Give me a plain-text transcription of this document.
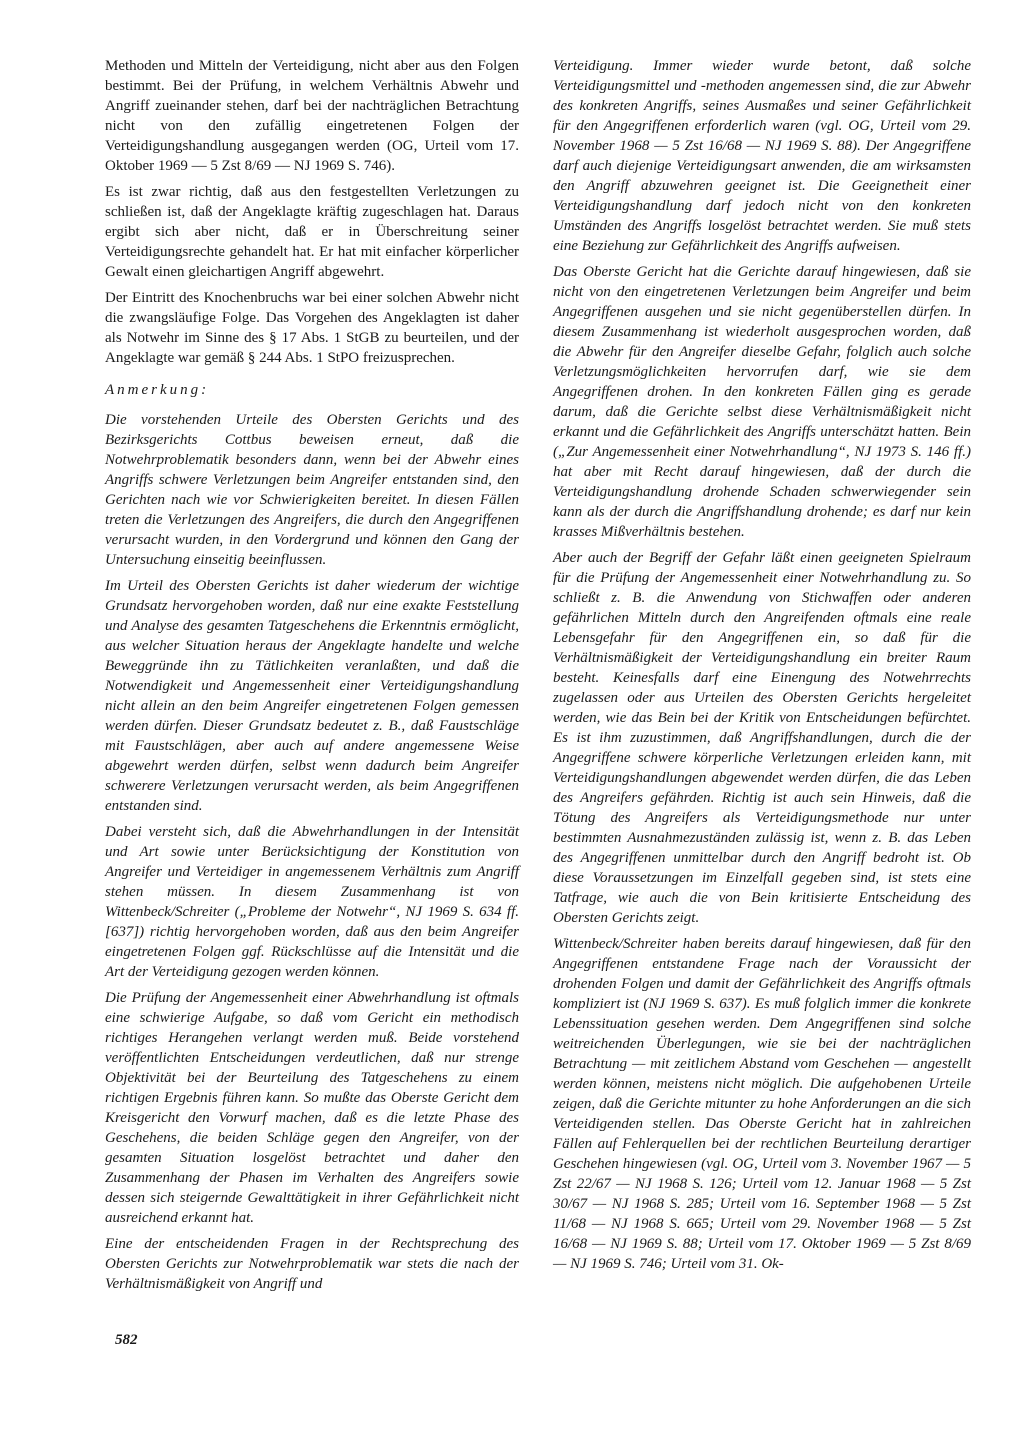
Methoden und Mitteln der Verteidigung, nicht aber aus den Folgen bestimmt. Bei der Prüfung, in welchem Verhältnis Abwehr und Angriff zueinander stehen, darf bei der nachträglichen Betrachtung nicht von den zufällig eingetretenen Folgen der Verteidigungshandlung ausgegangen werden (OG, Urteil vom 17. Oktober 1969 — 5 Zst 8/69 — NJ 1969 S. 746).

Es ist zwar richtig, daß aus den festgestellten Verletzungen zu schließen ist, daß der Angeklagte kräftig zugeschlagen hat. Daraus ergibt sich aber nicht, daß er in Überschreitung seiner Verteidigungsrechte gehandelt hat. Er hat mit einfacher körperlicher Gewalt einen gleichartigen Angriff abgewehrt.

Der Eintritt des Knochenbruchs war bei einer solchen Abwehr nicht die zwangsläufige Folge. Das Vorgehen des Angeklagten ist daher als Notwehr im Sinne des § 17 Abs. 1 StGB zu beurteilen, und der Angeklagte war gemäß § 244 Abs. 1 StPO freizusprechen.

Anmerkung:

Die vorstehenden Urteile des Obersten Gerichts und des Bezirksgerichts Cottbus beweisen erneut, daß die Notwehrproblematik besonders dann, wenn bei der Abwehr eines Angriffs schwere Verletzungen beim Angreifer entstanden sind, den Gerichten nach wie vor Schwierigkeiten bereitet. In diesen Fällen treten die Verletzungen des Angreifers, die durch den Angegriffenen verursacht wurden, in den Vordergrund und können den Gang der Untersuchung einseitig beeinflussen.

Im Urteil des Obersten Gerichts ist daher wiederum der wichtige Grundsatz hervorgehoben worden, daß nur eine exakte Feststellung und Analyse des gesamten Tatgeschehens die Erkenntnis ermöglicht, aus welcher Situation heraus der Angeklagte handelte und welche Beweggründe ihn zu Tätlichkeiten veranlaßten, und daß die Notwendigkeit und Angemessenheit einer Verteidigungshandlung nicht allein an den beim Angreifer eingetretenen Folgen gemessen werden dürfen. Dieser Grundsatz bedeutet z. B., daß Faustschläge mit Faustschlägen, aber auch auf andere angemessene Weise abgewehrt werden dürfen, selbst wenn dadurch beim Angreifer schwerere Verletzungen verursacht werden, als beim Angegriffenen entstanden sind.

Dabei versteht sich, daß die Abwehrhandlungen in der Intensität und Art sowie unter Berücksichtigung der Konstitution von Angreifer und Verteidiger in angemessenem Verhältnis zum Angriff stehen müssen. In diesem Zusammenhang ist von Wittenbeck/Schreiter („Probleme der Notwehr“, NJ 1969 S. 634 ff. [637]) richtig hervorgehoben worden, daß aus den beim Angreifer eingetretenen Folgen ggf. Rückschlüsse auf die Intensität und die Art der Verteidigung gezogen werden können.

Die Prüfung der Angemessenheit einer Abwehrhandlung ist oftmals eine schwierige Aufgabe, so daß vom Gericht ein methodisch richtiges Herangehen verlangt werden muß. Beide vorstehend veröffentlichten Entscheidungen verdeutlichen, daß nur strenge Objektivität bei der Beurteilung des Tatgeschehens zu einem richtigen Ergebnis führen kann. So mußte das Oberste Gericht dem Kreisgericht den Vorwurf machen, daß es die letzte Phase des Geschehens, die beiden Schläge gegen den Angreifer, von der gesamten Situation losgelöst betrachtet und daher den Zusammenhang der Phasen im Verhalten des Angreifers sowie dessen sich steigernde Gewalttätigkeit in ihrer Gefährlichkeit nicht ausreichend erkannt hat.

Eine der entscheidenden Fragen in der Rechtsprechung des Obersten Gerichts zur Notwehrproblematik war stets die nach der Verhältnismäßigkeit von Angriff und

Verteidigung. Immer wieder wurde betont, daß solche Verteidigungsmittel und -methoden angemessen sind, die zur Abwehr des konkreten Angriffs, seines Ausmaßes und seiner Gefährlichkeit für den Angegriffenen erforderlich waren (vgl. OG, Urteil vom 29. November 1968 — 5 Zst 16/68 — NJ 1969 S. 88). Der Angegriffene darf auch diejenige Verteidigungsart anwenden, die am wirksamsten den Angriff abzuwehren geeignet ist. Die Geeignetheit einer Verteidigungshandlung darf jedoch nicht von den konkreten Umständen des Angriffs losgelöst betrachtet werden. Sie muß stets eine Beziehung zur Gefährlichkeit des Angriffs aufweisen.

Das Oberste Gericht hat die Gerichte darauf hingewiesen, daß sie nicht von den eingetretenen Verletzungen beim Angreifer und beim Angegriffenen ausgehen und sie nicht gegenüberstellen dürfen. In diesem Zusammenhang ist wiederholt ausgesprochen worden, daß die Abwehr für den Angreifer dieselbe Gefahr, folglich auch solche Verletzungsmöglichkeiten hervorrufen darf, wie sie dem Angegriffenen drohen. In den konkreten Fällen ging es gerade darum, daß die Gerichte selbst diese Verhältnismäßigkeit nicht erkannt und die Gefährlichkeit des Angriffs unterschätzt hatten. Bein („Zur Angemessenheit einer Notwehrhandlung“, NJ 1973 S. 146 ff.) hat aber mit Recht darauf hingewiesen, daß der durch die Verteidigungshandlung drohende Schaden schwerwiegender sein kann als der durch die Angriffshandlung drohende; es darf nur kein krasses Mißverhältnis bestehen.

Aber auch der Begriff der Gefahr läßt einen geeigneten Spielraum für die Prüfung der Angemessenheit einer Notwehrhandlung zu. So schließt z. B. die Anwendung von Stichwaffen oder anderen gefährlichen Mitteln durch den Angreifenden oftmals eine reale Lebensgefahr für den Angegriffenen ein, so daß für die Verhältnismäßigkeit der Verteidigungshandlung ein breiter Raum besteht. Keinesfalls darf eine Einengung des Notwehrrechts zugelassen oder aus Urteilen des Obersten Gerichts hergeleitet werden, wie das Bein bei der Kritik von Entscheidungen befürchtet. Es ist ihm zuzustimmen, daß Angriffshandlungen, durch die der Angegriffene schwere körperliche Verletzungen erleiden kann, mit Verteidigungshandlungen abgewendet werden dürfen, die das Leben des Angreifers gefährden. Richtig ist auch sein Hinweis, daß die Tötung des Angreifers als Verteidigungsmethode nur unter bestimmten Ausnahmezuständen zulässig ist, wenn z. B. das Leben des Angegriffenen unmittelbar durch den Angriff bedroht ist. Ob diese Voraussetzungen im Einzelfall gegeben sind, ist stets eine Tatfrage, wie auch die von Bein kritisierte Entscheidung des Obersten Gerichts zeigt.

Wittenbeck/Schreiter haben bereits darauf hingewiesen, daß für den Angegriffenen entstandene Frage nach der Voraussicht der drohenden Folgen und damit der Gefährlichkeit des Angriffs oftmals kompliziert ist (NJ 1969 S. 637). Es muß folglich immer die konkrete Lebenssituation gesehen werden. Dem Angegriffenen sind solche weitreichenden Überlegungen, wie sie bei der nachträglichen Betrachtung — mit zeitlichem Abstand vom Geschehen — angestellt werden können, meistens nicht möglich. Die aufgehobenen Urteile zeigen, daß die Gerichte mitunter zu hohe Anforderungen an die sich Verteidigenden stellen. Das Oberste Gericht hat in zahlreichen Fällen auf Fehlerquellen bei der rechtlichen Beurteilung derartiger Geschehen hingewiesen (vgl. OG, Urteil vom 3. November 1967 — 5 Zst 22/67 — NJ 1968 S. 126; Urteil vom 12. Januar 1968 — 5 Zst 30/67 — NJ 1968 S. 285; Urteil vom 16. September 1968 — 5 Zst 11/68 — NJ 1968 S. 665; Urteil vom 29. November 1968 — 5 Zst 16/68 — NJ 1969 S. 88; Urteil vom 17. Oktober 1969 — 5 Zst 8/69 — NJ 1969 S. 746; Urteil vom 31. Ok-

582
